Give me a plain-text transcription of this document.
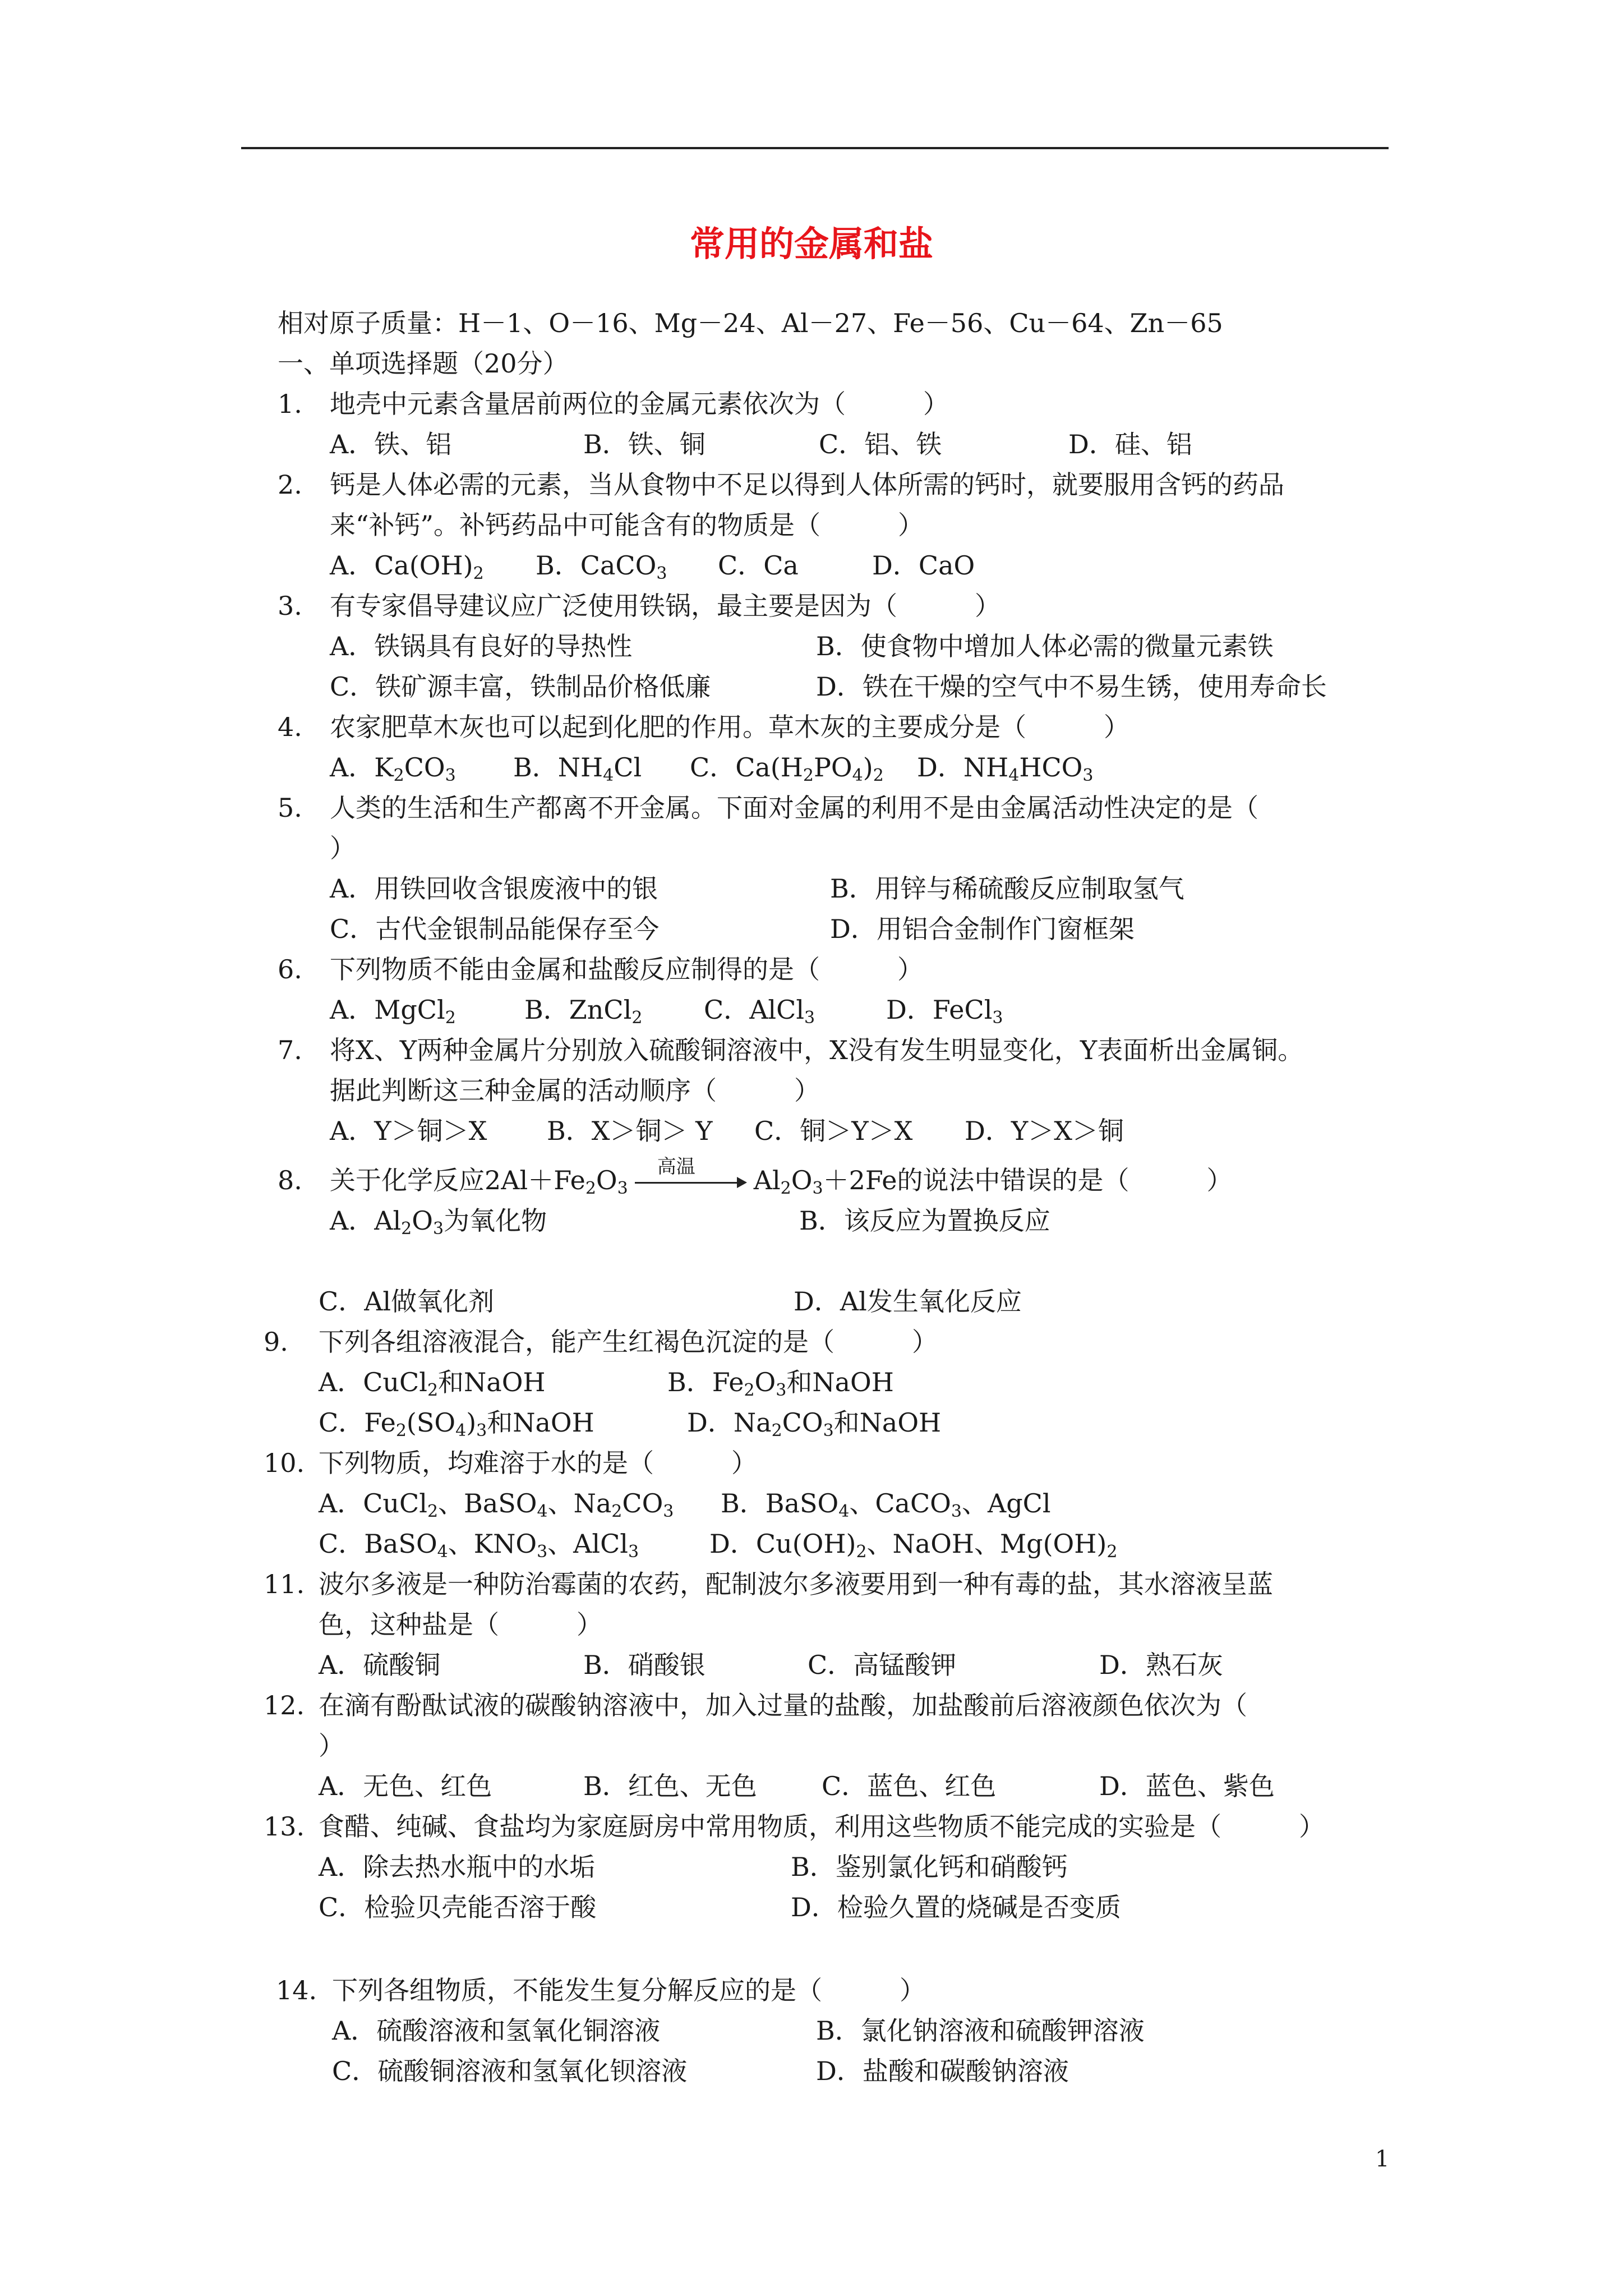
常用的金属和盐
相对原子质量：H－1、O－16、Mg－24、Al－27、Fe－56、Cu－64、Zn－65
一、单项选择题（20分）
1. 地壳中元素含量居前两位的金属元素依次为（　　　）
A．铁、铝	B．铁、铜	C．铝、铁	D．硅、铝
2. 钙是人体必需的元素，当从食物中不足以得到人体所需的钙时，就要服用含钙的药品
来“补钙”。补钙药品中可能含有的物质是（　　　）
A．$Ca(OH)_2$ B．CaCO$_3$ C．Ca	D．CaO
3. 有专家倡导建议应广泛使用铁锅，最主要是因为（　　　）
A．铁锅具有良好的导热性	B．使食物中增加人体必需的微量元素铁
C．铁矿源丰富，铁制品价格低廉	D．铁在干燥的空气中不易生锈，使用寿命长
4. 农家肥草木灰也可以起到化肥的作用。草木灰的主要成分是（　　　）
A．$K_2CO_3$ B．$NH_4Cl$ C．$Ca(H_2PO_4)_2$ D．$NH_4HCO_3$
5. 人类的生活和生产都离不开金属。下面对金属的利用不是由金属活动性决定的是（
）
A．用铁回收含银废液中的银	B．用锌与稀硫酸反应制取氢气
C．古代金银制品能保存至今	D．用铝合金制作门窗框架
6. 下列物质不能由金属和盐酸反应制得的是（　　　）
A．MgCl$_2$	B．ZnCl$_2$ C．AlCl$_3$	D．FeCl$_3$
7. 将X、Y两种金属片分别放入硫酸铜溶液中，X没有发生明显变化，Y表面析出金属铜。
据此判断这三种金属的活动顺序（　　　）
A．Y＞铜＞X B．X＞铜＞ Y C．铜＞Y＞X D．Y＞X＞铜
8. 关于化学反应$2Al+Fe_2O_3$
高温 $Al_2O_3+2Fe$的说法中错误的是（　　　）
A．$Al_2O_3$为氧化物	B．该反应为置换反应
C．Al做氧化剂	D．Al发生氧化反应
9. 下列各组溶液混合，能产生红褐色沉淀的是（　　　）
A．CuCl$_2$和NaOH	B．$Fe_2O_3$和NaOH
C．$Fe_2(SO_4)_3$和NaOH	D．$Na_2CO_3$和NaOH
10. 下列物质，均难溶于水的是（　　　）
A．CuCl$_2$、BaSO$_4$、$Na_2CO_3$ B．BaSO$_4$、CaCO$_3$、AgCl
C．BaSO$_4$、$KNO_3$、AlCl$_3$	D．$Cu(OH)_2$、NaOH、$Mg(OH)_2$
11. 波尔多液是一种防治霉菌的农药，配制波尔多液要用到一种有毒的盐，其水溶液呈蓝
色，这种盐是（　　　）
A．硫酸铜	B．硝酸银	C．高锰酸钾	D．熟石灰
12. 在滴有酚酞试液的碳酸钠溶液中，加入过量的盐酸，加盐酸前后溶液颜色依次为（
）
A．无色、红色	B．红色、无色	C．蓝色、红色	D．蓝色、紫色
13. 食醋、纯碱、食盐均为家庭厨房中常用物质，利用这些物质不能完成的实验是（　　　）
A．除去热水瓶中的水垢	B．鉴别氯化钙和硝酸钙
C．检验贝壳能否溶于酸	D．检验久置的烧碱是否变质
14. 下列各组物质，不能发生复分解反应的是（　　　）
A．硫酸溶液和氢氧化铜溶液	B．氯化钠溶液和硫酸钾溶液
C．硫酸铜溶液和氢氧化钡溶液	D．盐酸和碳酸钠溶液
1
